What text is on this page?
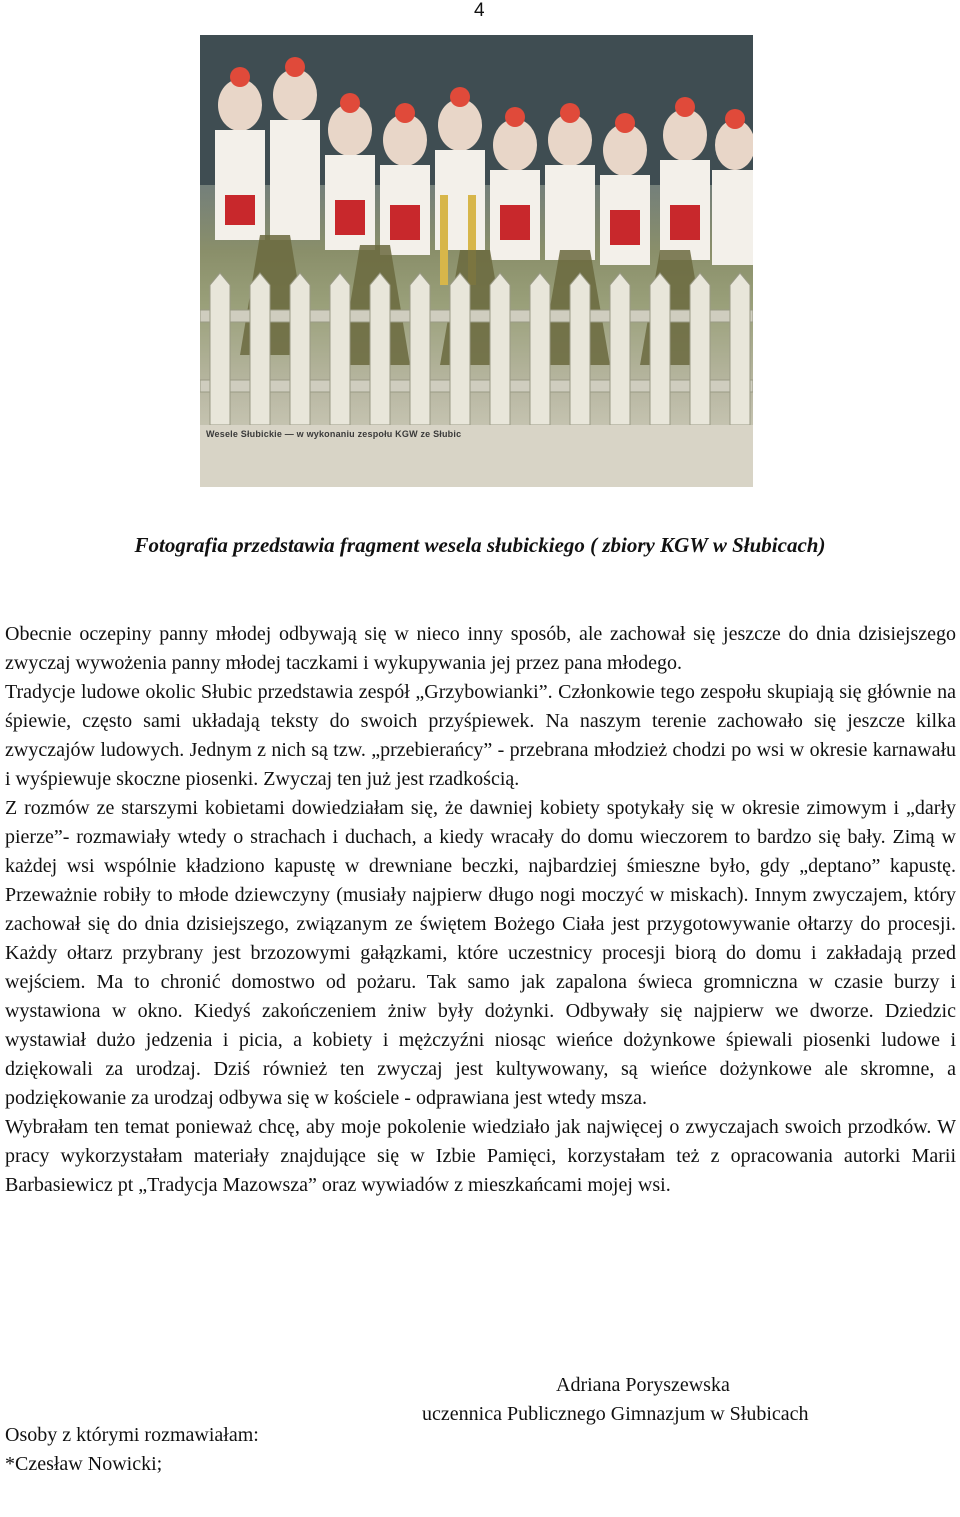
4
Wesele Słubickie — w wykonaniu zespołu KGW ze Słubic
Fotografia przedstawia fragment wesela słubickiego ( zbiory KGW w Słubicach)

Obecnie oczepiny panny młodej odbywają się w nieco inny sposób, ale zachował się jeszcze do dnia dzisiejszego zwyczaj wywożenia panny młodej taczkami i wykupywania jej przez pana młodego.

Tradycje ludowe okolic Słubic przedstawia zespół „Grzybowianki”. Członkowie tego zespołu skupiają się głównie na śpiewie, często sami układają teksty do swoich przyśpiewek. Na naszym terenie zachowało się jeszcze kilka zwyczajów ludowych. Jednym z nich są tzw. „przebierańcy” - przebrana młodzież chodzi po wsi w okresie karnawału i wyśpiewuje skoczne piosenki. Zwyczaj ten już jest rzadkością.

Z rozmów ze starszymi kobietami dowiedziałam się, że dawniej kobiety spotykały się w okresie zimowym i „darły pierze”- rozmawiały wtedy o strachach i duchach, a kiedy wracały do domu wieczorem to bardzo się bały. Zimą w każdej wsi wspólnie kładziono kapustę w drewniane beczki, najbardziej śmieszne było, gdy „deptano” kapustę. Przeważnie robiły to młode dziewczyny (musiały najpierw długo nogi moczyć w miskach). Innym zwyczajem, który zachował się do dnia dzisiejszego, związanym ze świętem Bożego Ciała jest przygotowywanie ołtarzy do procesji. Każdy ołtarz przybrany jest brzozowymi gałązkami, które uczestnicy procesji biorą do domu i zakładają przed wejściem. Ma to chronić domostwo od pożaru. Tak samo jak zapalona świeca gromniczna w czasie burzy i wystawiona w okno. Kiedyś zakończeniem żniw były dożynki. Odbywały się najpierw we dworze. Dziedzic wystawiał dużo jedzenia i picia, a kobiety i mężczyźni niosąc wieńce dożynkowe śpiewali piosenki ludowe i dziękowali za urodzaj. Dziś również ten zwyczaj jest kultywowany, są wieńce dożynkowe ale skromne, a podziękowanie za urodzaj odbywa się w kościele - odprawiana jest wtedy msza.

Wybrałam ten temat ponieważ chcę, aby moje pokolenie wiedziało jak najwięcej o zwyczajach swoich przodków. W pracy wykorzystałam materiały znajdujące się w Izbie Pamięci, korzystałam też z opracowania autorki Marii Barbasiewicz pt „Tradycja Mazowsza” oraz wywiadów z mieszkańcami mojej wsi.

Adriana Poryszewska
uczennica Publicznego Gimnazjum w Słubicach
Osoby z którymi rozmawiałam:
*Czesław Nowicki;
